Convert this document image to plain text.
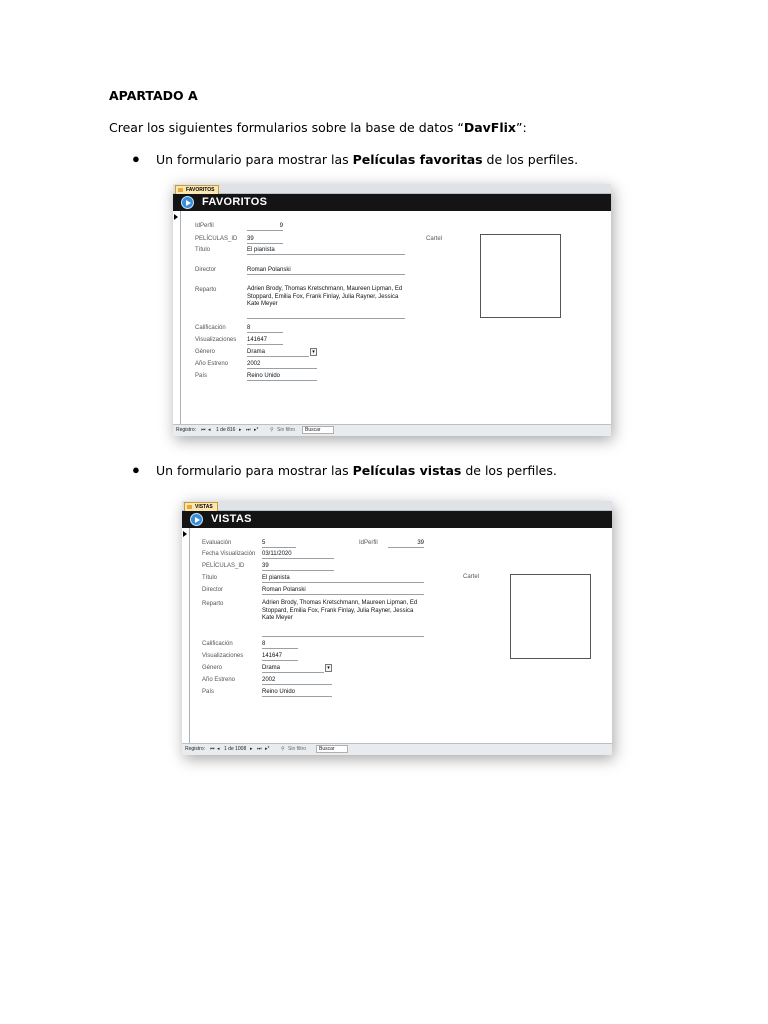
APARTADO A
Crear los siguientes formularios sobre la base de datos “DavFlix”:
● Un formulario para mostrar las Películas favoritas de los perfiles.
● Un formulario para mostrar las Películas vistas de los perfiles.
FAVORITOS
FAVORITOS
IdPerfil	9
PELÍCULAS_ID 39
Título	El pianista
Director	Roman Polanski
Reparto	Adrien Brody, Thomas Kretschmann, Maureen Lipman, Ed Stoppard, Emilia Fox, Frank Finlay, Julia Rayner, Jessica Kate Meyer
Calificación	8
Visualizaciones 141647
Género	Drama	▾
Año Estreno	2002
País	Reino Unido
Cartel
Registro: ⏮ ◂ 1 de 816 ▸ ⏭ ▸* ⚲ Sin filtro Buscar
VISTAS
VISTAS
Evaluación	5	IdPerfil	39
Fecha Visualización 03/11/2020
PELÍCULAS_ID	39
Título	El pianista
Director	Roman Polanski
Reparto	Adrien Brody, Thomas Kretschmann, Maureen Lipman, Ed Stoppard, Emilia Fox, Frank Finlay, Julia Rayner, Jessica Kate Meyer
Calificación	8
Visualizaciones	141647
Género	Drama	▾
Año Estreno	2002
País	Reino Unido
Cartel
Registro: ⏮ ◂ 1 de 1008 ▸ ⏭ ▸* ⚲ Sin filtro	Buscar
